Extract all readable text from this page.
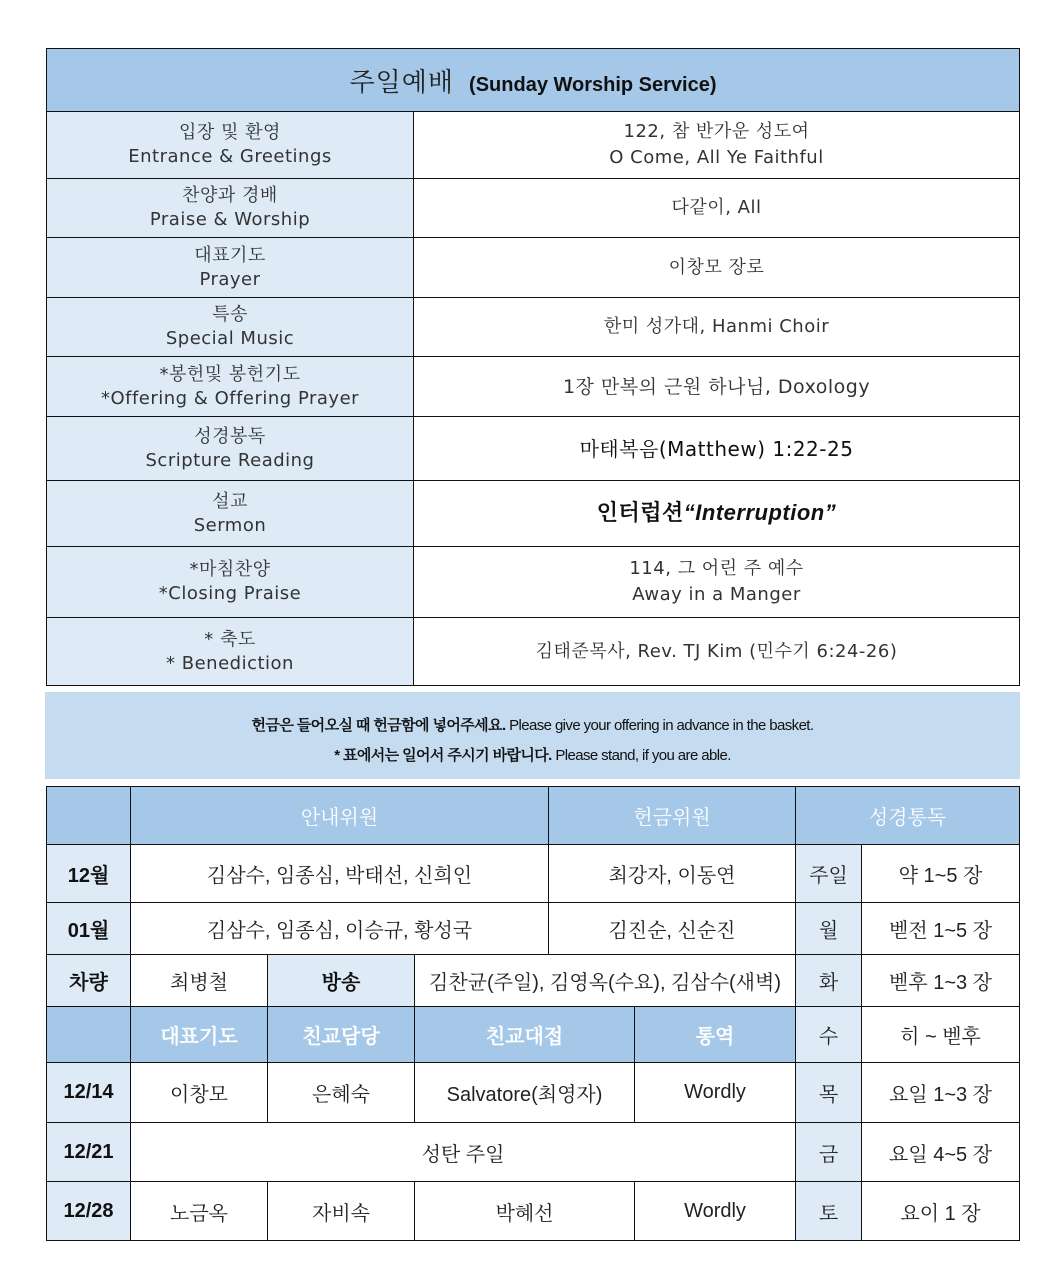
주일예배 (Sunday Worship Service)	

입장 및 환영
Entrance & Greetings	122, 참 반가운 성도여
O Come, All Ye Faithful

찬양과 경배
Praise & Worship	다같이, All

대표기도
Prayer	이창모 장로

특송
Special Music	한미 성가대, Hanmi Choir

*봉헌및 봉헌기도
*Offering & Offering Prayer	1장 만복의 근원 하나님, Doxology

성경봉독
Scripture Reading	마태복음(Matthew) 1:22-25

설교
Sermon	인터럽션“Interruption”

*마침찬양
*Closing Praise	114, 그 어린 주 예수
Away in a Manger

* 축도
* Benediction	김태준목사, Rev. TJ Kim (민수기 6:24-26)

헌금은 들어오실 때 헌금함에 넣어주세요. Please give your offering in advance in the basket.

* 표에서는 일어서 주시기 바랍니다. Please stand, if you are able.

	안내위원			헌금위원		성경통독	
12월	김삼수, 임종심, 박태선, 신희인			최강자, 이동연		주일	약 1~5 장
01월	김삼수, 임종심, 이승규, 황성국			김진순, 신순진		월	벧전 1~5 장
차량	최병철	방송	김찬균(주일), 김영옥(수요), 김삼수(새벽)			화	벧후 1~3 장
	대표기도	친교담당	친교대접		통역	수	히 ~ 벧후
12/14	이창모	은혜숙	Salvatore(최영자)		Wordly	목	요일 1~3 장
12/21	성탄 주일					금	요일 4~5 장
12/28	노금옥	자비속	박혜선		Wordly	토	요이 1 장
